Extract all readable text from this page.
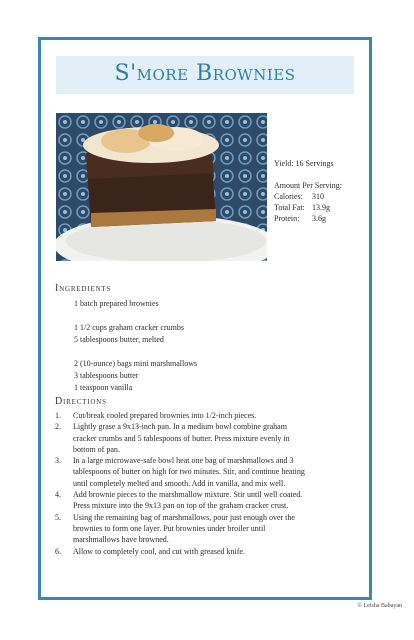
S'more Brownies
Yield: 16 Servings
Amount Per Serving:
Calories:	310
Total Fat: 13.9g
Protein:	3.6g
Ingredients
1 batch prepared brownies
1 1/2 cups graham cracker crumbs
5 tablespoons butter, melted
2 (10-ounce) bags mini marshmallows
3 tablespoons butter
1 teaspoon vanilla
Directions
1.	Cut/break cooled prepared brownies into 1/2-inch pieces.
2.	Lightly grase a 9x13-inch pan. In a medium bowl combine graham
cracker crumbs and 5 tablespoons of butter. Press mixture evenly in
bottom of pan.
3.	In a large microwave-safe bowl heat one bag of marshmallows and 3
tablespoons of butter on high for two minutes. Stir, and continue heating
until completely melted and smooth. Add in vanilla, and mix well.
4.	Add brownie pieces to the marshmallow mixture. Stir until well coated.
Press mixture into the 9x13 pan on top of the graham cracker crust.
5.	Using the remaining bag of marshmallows, pour just enough over the
brownies to form one layer. Put brownies under broiler until
marshmallows have browned.
6.	Allow to completely cool, and cut with greased knife.
© Leisha Babayan
